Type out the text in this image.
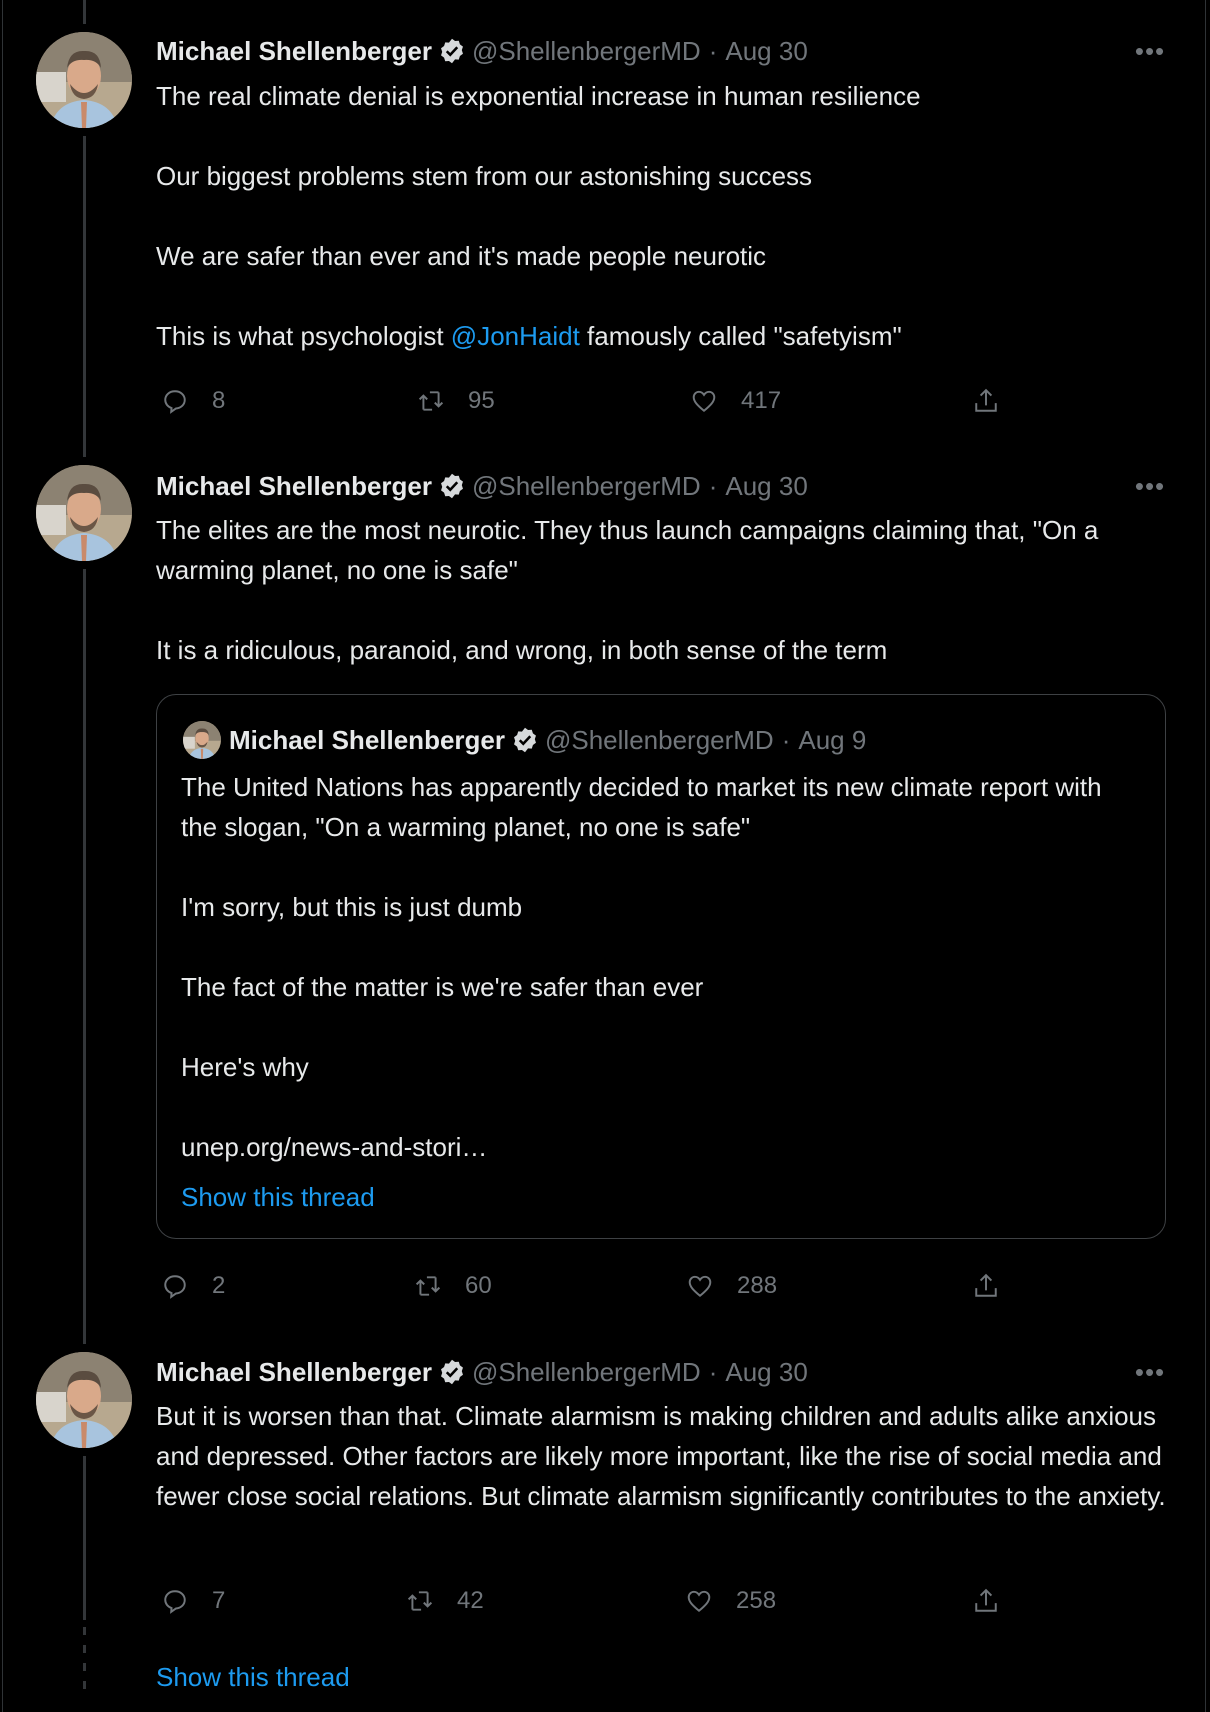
Michael Shellenberger @ShellenbergerMD · Aug 30	•••

The real climate denial is exponential increase in human resilience

Our biggest problems stem from our astonishing success

We are safer than ever and it's made people neurotic

This is what psychologist @JonHaidt famously called "safetyism"

8	95	417
Michael Shellenberger @ShellenbergerMD · Aug 30	•••

The elites are the most neurotic. They thus launch campaigns claiming that, "On a warming planet, no one is safe"

It is a ridiculous, paranoid, and wrong, in both sense of the term

Michael Shellenberger @ShellenbergerMD · Aug 9

The United Nations has apparently decided to market its new climate report with the slogan, "On a warming planet, no one is safe"

I'm sorry, but this is just dumb

The fact of the matter is we're safer than ever

Here's why

unep.org/news-and-stori…

Show this thread
2	60	288
Michael Shellenberger @ShellenbergerMD · Aug 30	•••

But it is worsen than that. Climate alarmism is making children and adults alike anxious and depressed. Other factors are likely more important, like the rise of social media and fewer close social relations. But climate alarmism significantly contributes to the anxiety.

7	42	258
Show this thread
